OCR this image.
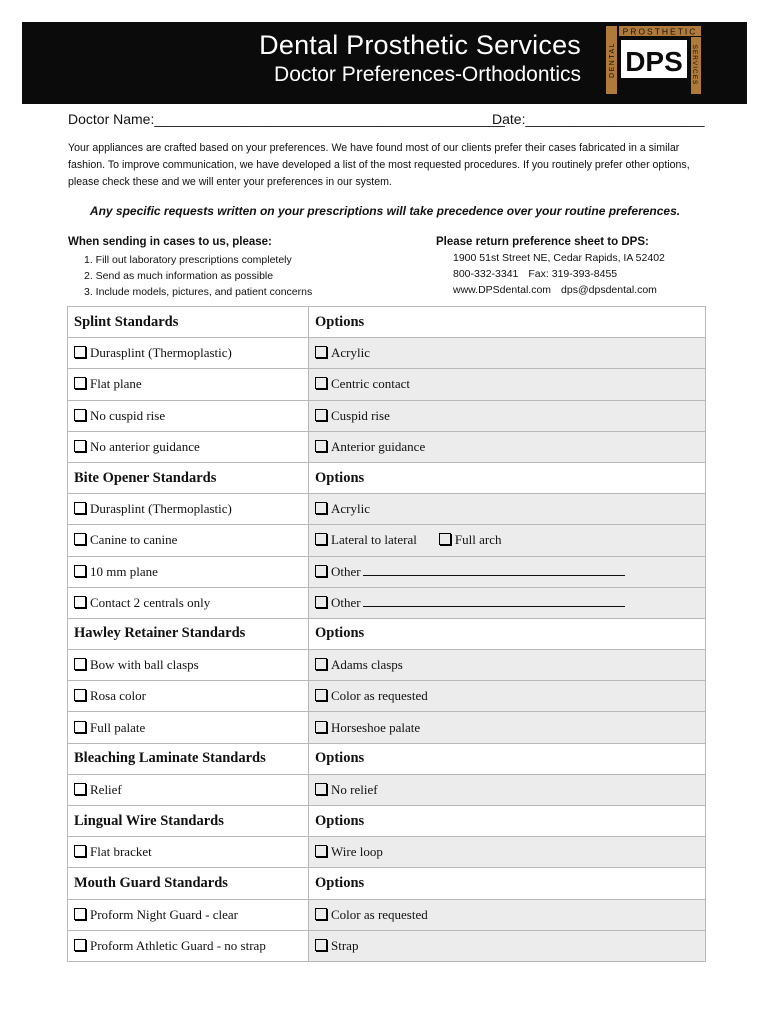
Dental Prosthetic Services
Doctor Preferences-Orthodontics
PROSTHETIC
DENTAL	SERVICES
DPS
Doctor Name:_____________________________________________
Date:_______________________
Your appliances are crafted based on your preferences. We have found most of our clients prefer their cases fabricated in a similar fashion. To improve communication, we have developed a list of the most requested procedures. If you routinely prefer other options, please check these and we will enter your preferences in our system.
Any specific requests written on your prescriptions will take precedence over your routine preferences.
When sending in cases to us, please:
1. Fill out laboratory prescriptions completely
2. Send as much information as possible
3. Include models, pictures, and patient concerns
Please return preference sheet to DPS:
1900 51st Street NE, Cedar Rapids, IA 52402
800-332-3341 Fax: 319-393-8455
www.DPSdental.com dps@dpsdental.com
Splint Standards	Options
Durasplint (Thermoplastic)	Acrylic
Flat plane	Centric contact
No cuspid rise	Cuspid rise
No anterior guidance	Anterior guidance
Bite Opener Standards	Options
Durasplint (Thermoplastic)	Acrylic
Canine to canine	Lateral to lateral Full arch
10 mm plane	Other
Contact 2 centrals only	Other
Hawley Retainer Standards	Options
Bow with ball clasps	Adams clasps
Rosa color	Color as requested
Full palate	Horseshoe palate
Bleaching Laminate Standards	Options
Relief	No relief
Lingual Wire Standards	Options
Flat bracket	Wire loop
Mouth Guard Standards	Options
Proform Night Guard - clear	Color as requested
Proform Athletic Guard - no strap	Strap
